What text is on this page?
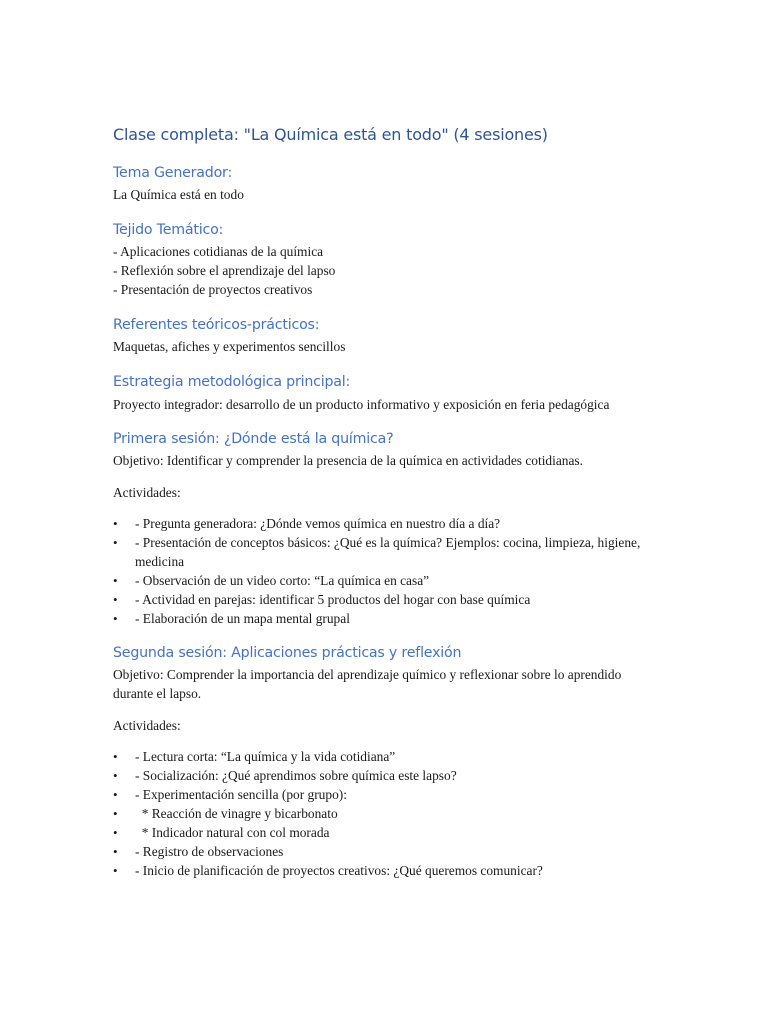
Clase completa: "La Química está en todo" (4 sesiones)
Tema Generador:

La Química está en todo

Tejido Temático:

- Aplicaciones cotidianas de la química

- Reflexión sobre el aprendizaje del lapso

- Presentación de proyectos creativos

Referentes teóricos-prácticos:

Maquetas, afiches y experimentos sencillos

Estrategia metodológica principal:

Proyecto integrador: desarrollo de un producto informativo y exposición en feria pedagógica

Primera sesión: ¿Dónde está la química?

Objetivo: Identificar y comprender la presencia de la química en actividades cotidianas.

Actividades:

• - Pregunta generadora: ¿Dónde vemos química en nuestro día a día?
• - Presentación de conceptos básicos: ¿Qué es la química? Ejemplos: cocina, limpieza, higiene, medicina
• - Observación de un video corto: “La química en casa”
• - Actividad en parejas: identificar 5 productos del hogar con base química
• - Elaboración de un mapa mental grupal
Segunda sesión: Aplicaciones prácticas y reflexión

Objetivo: Comprender la importancia del aprendizaje químico y reflexionar sobre lo aprendido durante el lapso.

Actividades:

• - Lectura corta: “La química y la vida cotidiana”
• - Socialización: ¿Qué aprendimos sobre química este lapso?
• - Experimentación sencilla (por grupo):
• * Reacción de vinagre y bicarbonato
• * Indicador natural con col morada
• - Registro de observaciones
• - Inicio de planificación de proyectos creativos: ¿Qué queremos comunicar?
